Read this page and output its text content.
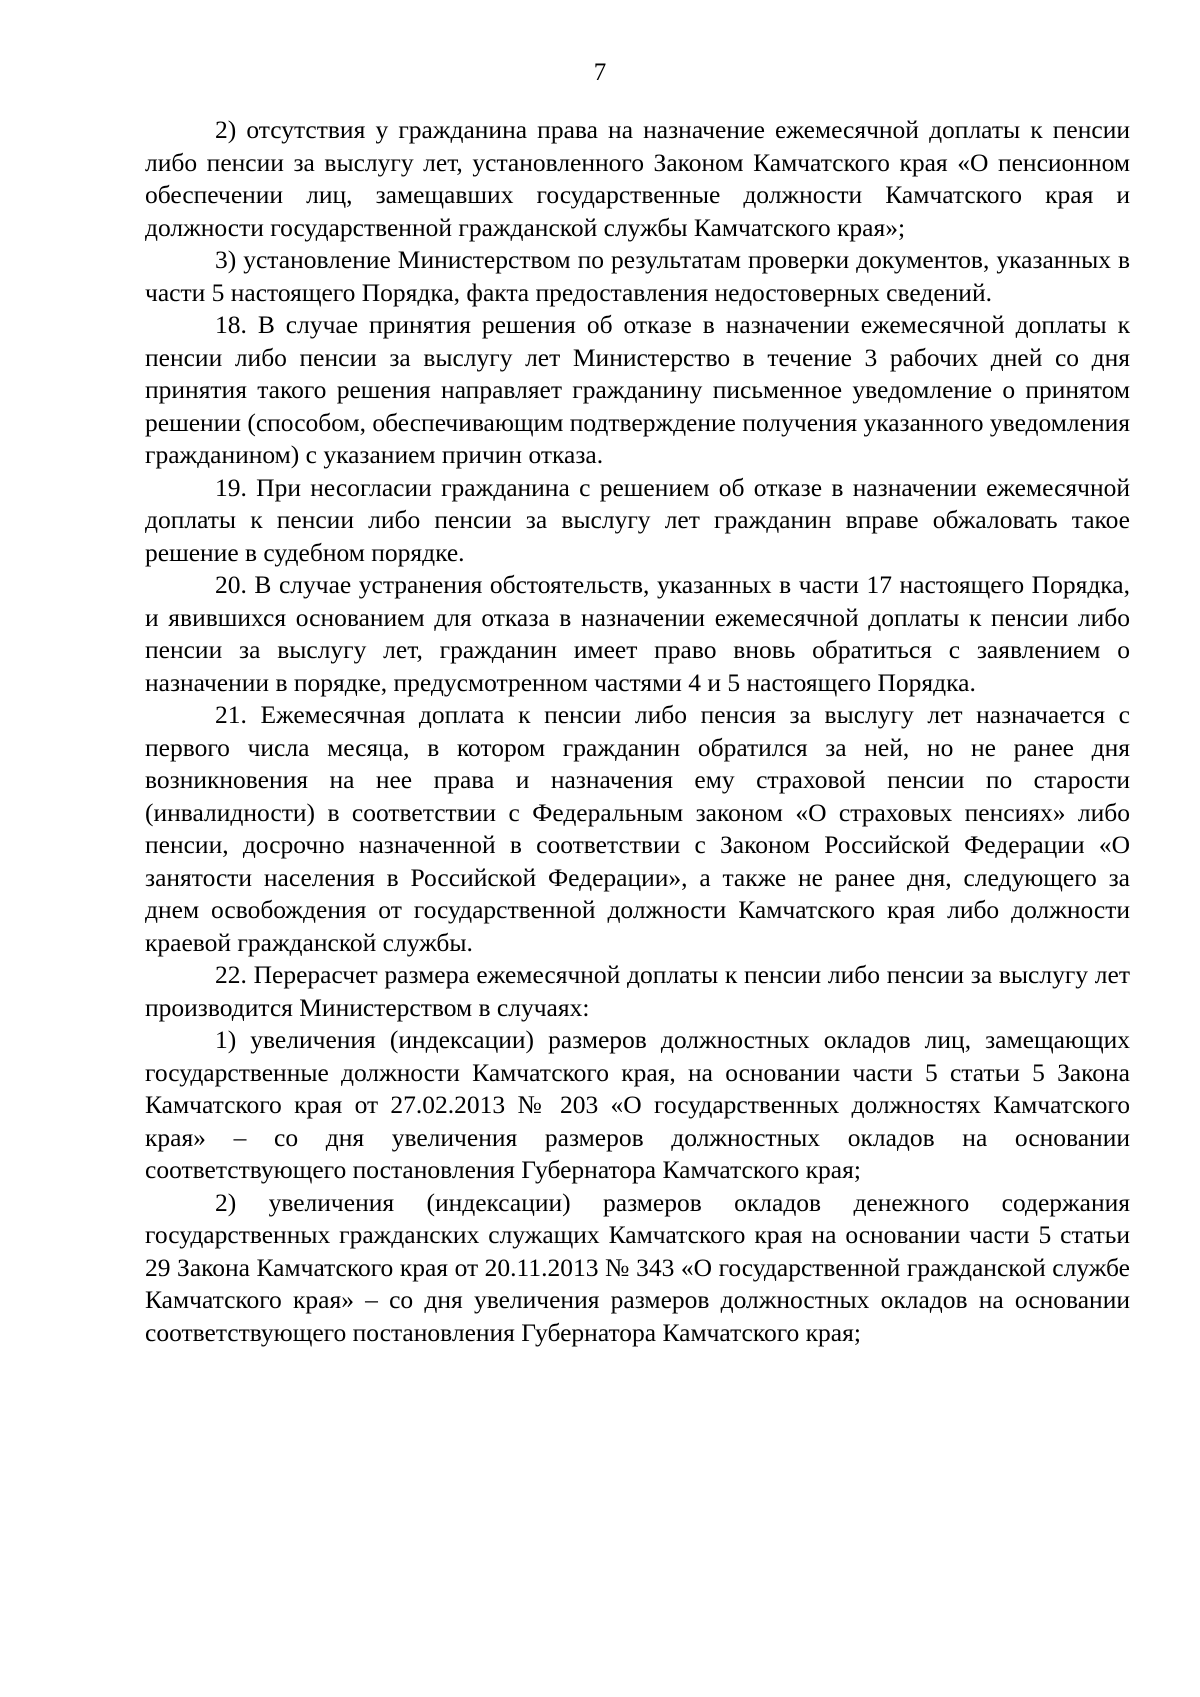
7

2) отсутствия у гражданина права на назначение ежемесячной доплаты к пенсии либо пенсии за выслугу лет, установленного Законом Камчатского края «О пенсионном обеспечении лиц, замещавших государственные должности Камчатского края и должности государственной гражданской службы Камчатского края»;

3) установление Министерством по результатам проверки документов, указанных в части 5 настоящего Порядка, факта предоставления недостоверных сведений.

18. В случае принятия решения об отказе в назначении ежемесячной доплаты к пенсии либо пенсии за выслугу лет Министерство в течение 3 рабочих дней со дня принятия такого решения направляет гражданину письменное уведомление о принятом решении (способом, обеспечивающим подтверждение получения указанного уведомления гражданином) с указанием причин отказа.

19. При несогласии гражданина с решением об отказе в назначении ежемесячной доплаты к пенсии либо пенсии за выслугу лет гражданин вправе обжаловать такое решение в судебном порядке.

20. В случае устранения обстоятельств, указанных в части 17 настоящего Порядка, и явившихся основанием для отказа в назначении ежемесячной доплаты к пенсии либо пенсии за выслугу лет, гражданин имеет право вновь обратиться с заявлением о назначении в порядке, предусмотренном частями 4 и 5 настоящего Порядка.

21. Ежемесячная доплата к пенсии либо пенсия за выслугу лет назначается с первого числа месяца, в котором гражданин обратился за ней, но не ранее дня возникновения на нее права и назначения ему страховой пенсии по старости (инвалидности) в соответствии с Федеральным законом «О страховых пенсиях» либо пенсии, досрочно назначенной в соответствии с Законом Российской Федерации «О занятости населения в Российской Федерации», а также не ранее дня, следующего за днем освобождения от государственной должности Камчатского края либо должности краевой гражданской службы.

22. Перерасчет размера ежемесячной доплаты к пенсии либо пенсии за выслугу лет производится Министерством в случаях:

1) увеличения (индексации) размеров должностных окладов лиц, замещающих государственные должности Камчатского края, на основании части 5 статьи 5 Закона Камчатского края от 27.02.2013 № 203 «О государственных должностях Камчатского края» – со дня увеличения размеров должностных окладов на основании соответствующего постановления Губернатора Камчатского края;

2) увеличения (индексации) размеров окладов денежного содержания государственных гражданских служащих Камчатского края на основании части 5 статьи 29 Закона Камчатского края от 20.11.2013 № 343 «О государственной гражданской службе Камчатского края» – со дня увеличения размеров должностных окладов на основании соответствующего постановления Губернатора Камчатского края;
